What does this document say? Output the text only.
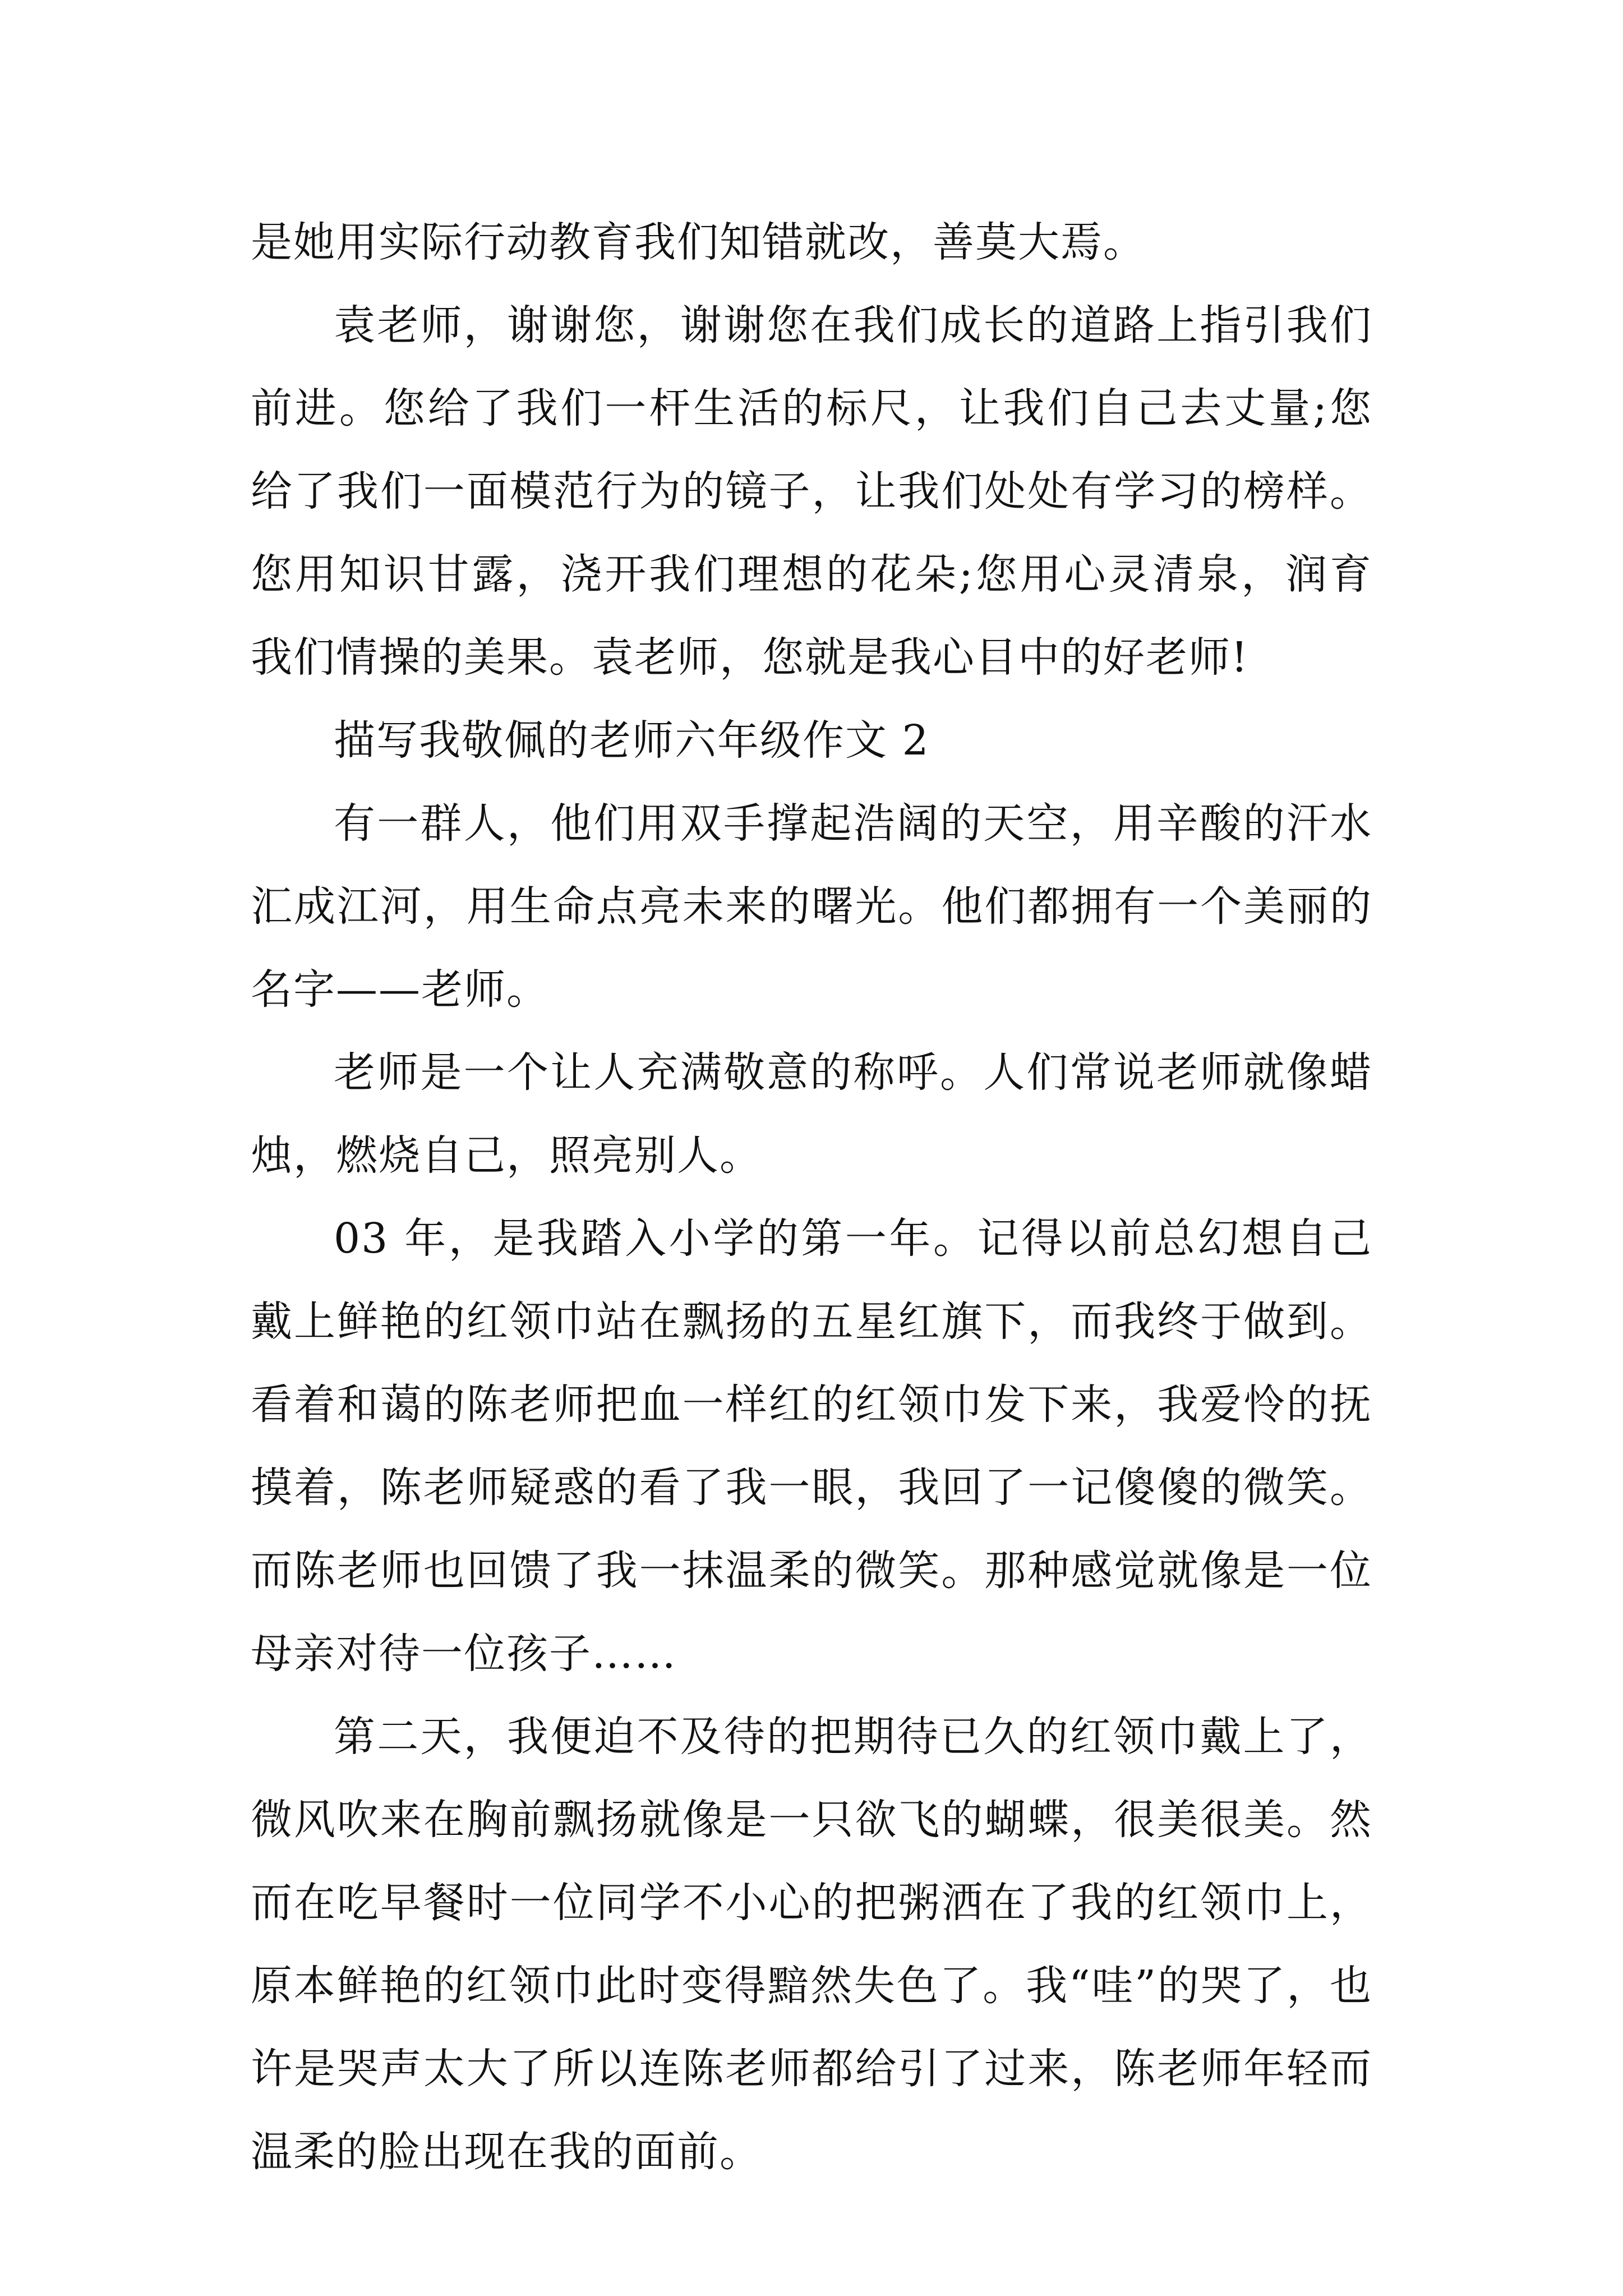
是她用实际行动教育我们知错就改，善莫大焉。

袁老师，谢谢您，谢谢您在我们成长的道路上指引我们前进。您给了我们一杆生活的标尺，让我们自己去丈量;您给了我们一面模范行为的镜子，让我们处处有学习的榜样。您用知识甘露，浇开我们理想的花朵;您用心灵清泉，润育我们情操的美果。袁老师，您就是我心目中的好老师!

描写我敬佩的老师六年级作文 2

有一群人，他们用双手撑起浩阔的天空，用辛酸的汗水汇成江河，用生命点亮未来的曙光。他们都拥有一个美丽的名字——老师。

老师是一个让人充满敬意的称呼。人们常说老师就像蜡烛，燃烧自己，照亮别人。

03 年，是我踏入小学的第一年。记得以前总幻想自己戴上鲜艳的红领巾站在飘扬的五星红旗下，而我终于做到。看着和蔼的陈老师把血一样红的红领巾发下来，我爱怜的抚摸着，陈老师疑惑的看了我一眼，我回了一记傻傻的微笑。而陈老师也回馈了我一抹温柔的微笑。那种感觉就像是一位母亲对待一位孩子……

第二天，我便迫不及待的把期待已久的红领巾戴上了，微风吹来在胸前飘扬就像是一只欲飞的蝴蝶，很美很美。然而在吃早餐时一位同学不小心的把粥洒在了我的红领巾上，原本鲜艳的红领巾此时变得黯然失色了。我“哇”的哭了，也许是哭声太大了所以连陈老师都给引了过来，陈老师年轻而温柔的脸出现在我的面前。
